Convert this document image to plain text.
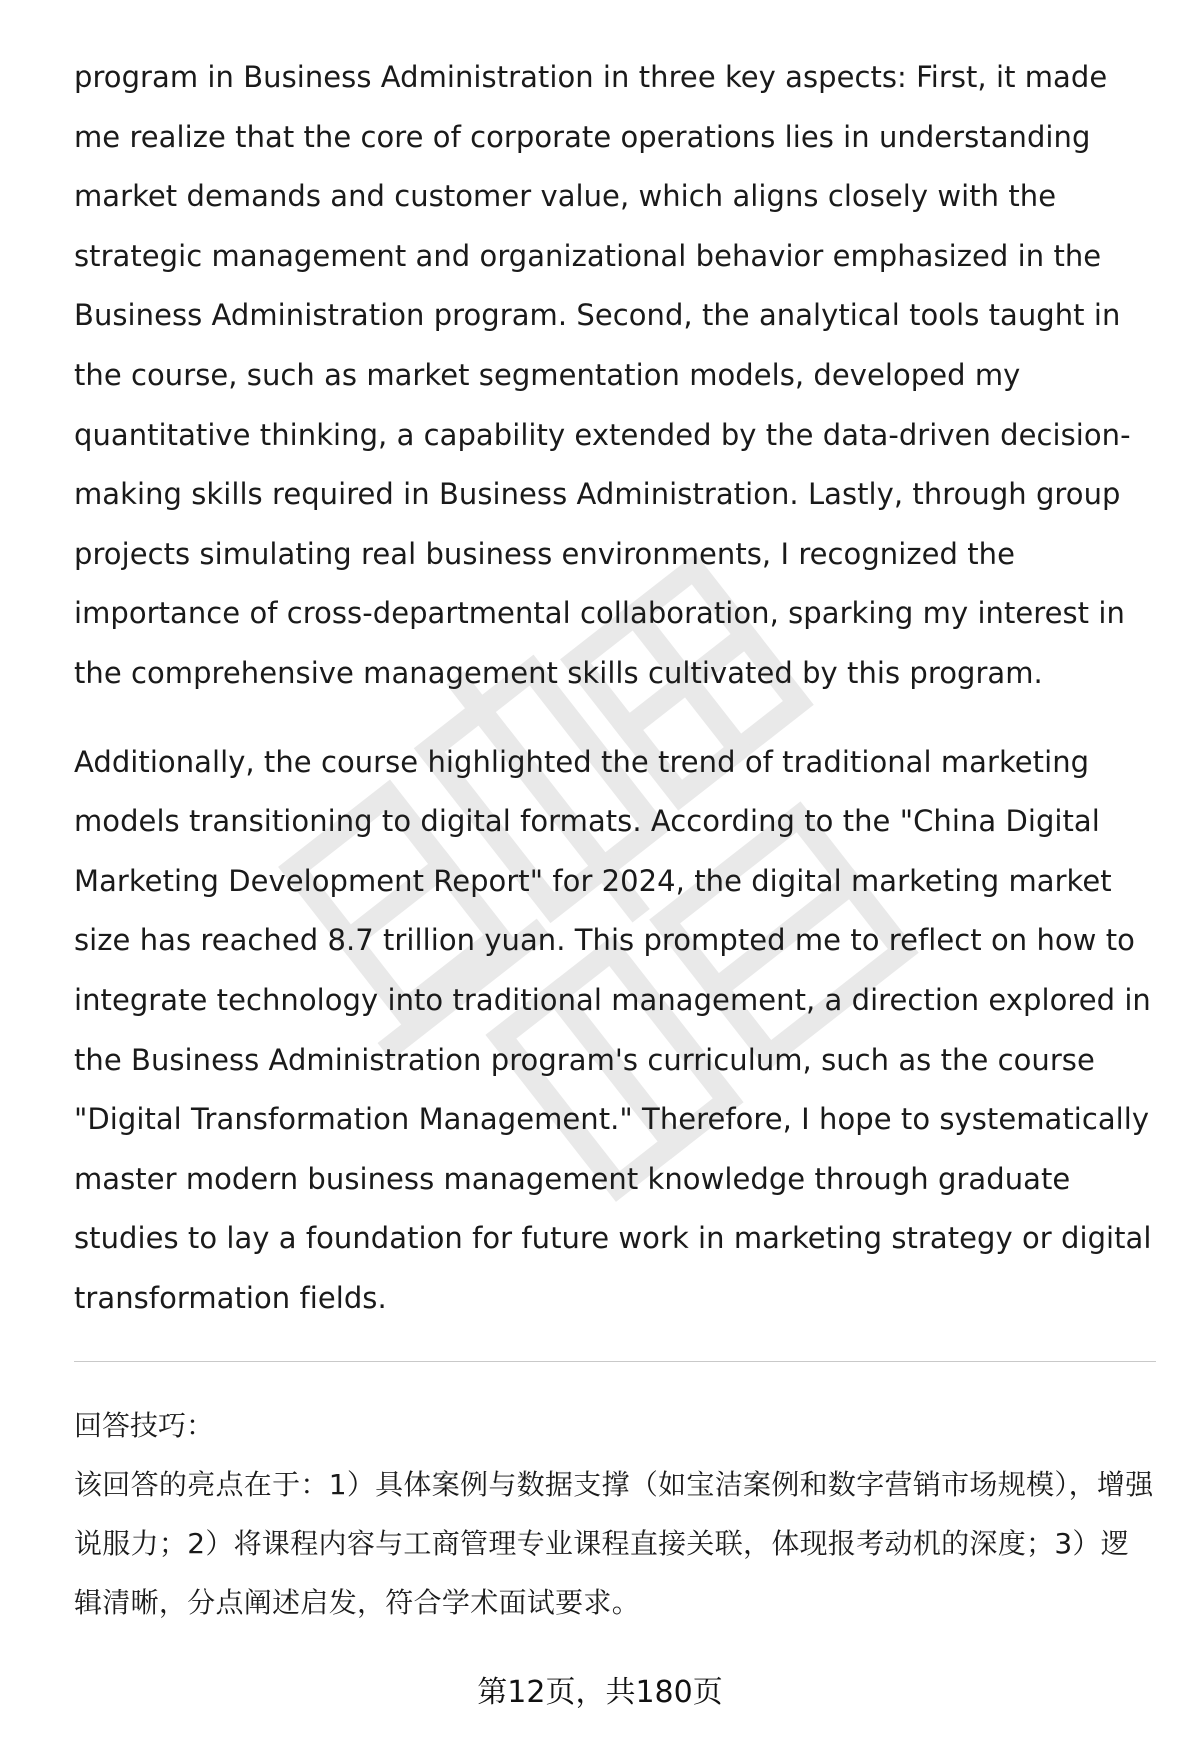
program in Business Administration in three key aspects: First, it made me realize that the core of corporate operations lies in understanding market demands and customer value, which aligns closely with the strategic management and organizational behavior emphasized in the Business Administration program. Second, the analytical tools taught in the course, such as market segmentation models, developed my quantitative thinking, a capability extended by the data-driven decision-making skills required in Business Administration. Lastly, through group projects simulating real business environments, I recognized the importance of cross-departmental collaboration, sparking my interest in the comprehensive management skills cultivated by this program.

Additionally, the course highlighted the trend of traditional marketing models transitioning to digital formats. According to the "China Digital Marketing Development Report" for 2024, the digital marketing market size has reached 8.7 trillion yuan. This prompted me to reflect on how to integrate technology into traditional management, a direction explored in the Business Administration program's curriculum, such as the course "Digital Transformation Management." Therefore, I hope to systematically master modern business management knowledge through graduate studies to lay a foundation for future work in marketing strategy or digital transformation fields.

回答技巧：

该回答的亮点在于：1）具体案例与数据支撑（如宝洁案例和数字营销市场规模），增强说服力；2）将课程内容与工商管理专业课程直接关联，体现报考动机的深度；3）逻辑清晰，分点阐述启发，符合学术面试要求。

第12页，共180页
